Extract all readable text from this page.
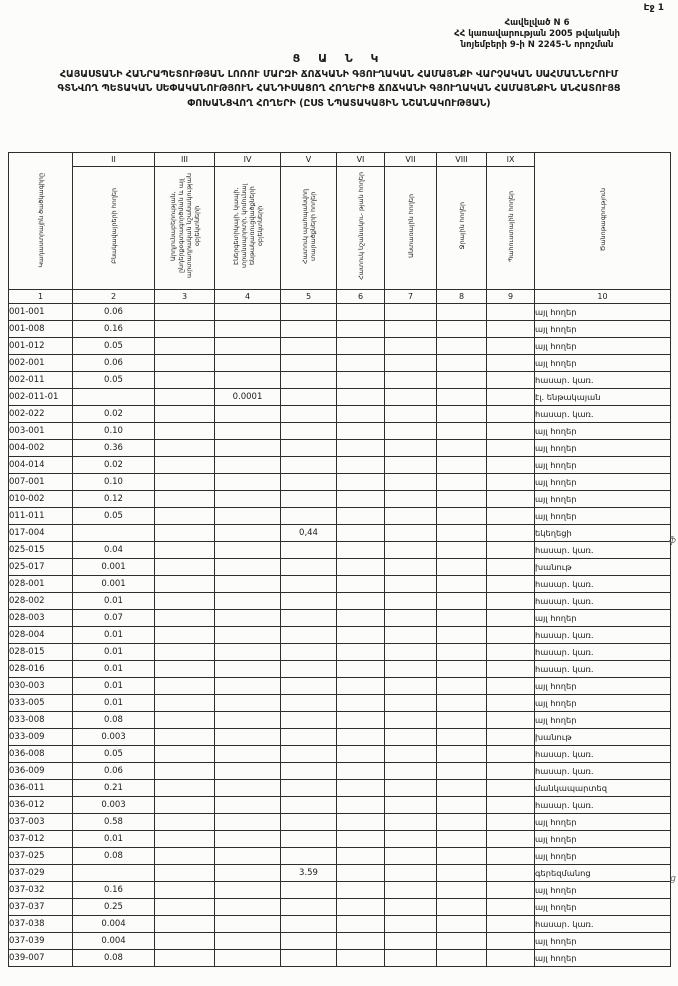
Էջ 1
Հավելված N 6
ՀՀ կառավարության 2005 թվականի
նոյեմբերի 9-ի N 2245-Ն որոշման
Ց Ա Ն Կ
ՀԱՅԱՍՏԱՆԻ ՀԱՆՐԱՊԵՏՈՒԹՅԱՆ ԼՈՌՈՒ ՄԱՐԶԻ ՃՈՃԿԱՆԻ ԳՅՈՒՂԱԿԱՆ ՀԱՄԱՅՆՔԻ ՎԱՐՉԱԿԱՆ ՍԱՀՄԱՆՆԵՐՈՒՄ ԳՏՆՎՈՂ ՊԵՏԱԿԱՆ ՍԵՓԱԿԱՆՈՒԹՅՈՒՆ ՀԱՆԴԻՍԱՑՈՂ ՀՈՂԵՐԻՑ ՃՈՃԿԱՆԻ ԳՅՈՒՂԱԿԱՆ ՀԱՄԱՅՆՔԻՆ ԱՆՀԱՏՈՒՅՑ ՓՈԽԱՆՑՎՈՂ ՀՈՂԵՐԻ (ԸՍՏ ՆՊԱՏԱԿԱՅԻՆ ՆՇԱՆԱԿՈՒԹՅԱՆ)
Կադաստրային ծածկագիրը	II	III	IV	V	VI	VII	VIII	IX	Ծանոթագրություն
	Բնակավայրերի հողեր	Արդյունաբերության, ընդերքօգտագործման և այլ արտադրական նշանակության օբյեկտների	Էներգետիկայի, կապի, տրանսպորտի, կոմունալ ենթակառուցվածքների օբյեկտների	Հատուկ պահպանվող տարածքների հողեր	Հատուկ նշանակու- թյան հողեր	Անտառային հողեր	Ջրային հողեր	Պահուստային հողեր	
1	2	3	4	5	6	7	8	9	10
001-001	0.06								այլ հողեր
001-008	0.16								այլ հողեր
001-012	0.05								այլ հողեր
002-001	0.06								այլ հողեր
002-011	0.05								հասար. կառ.
002-011-01			0.0001						էլ. ենթակայան
002-022	0.02								հասար. կառ.
003-001	0.10								այլ հողեր
004-002	0.36								այլ հողեր
004-014	0.02								այլ հողեր
007-001	0.10								այլ հողեր
010-002	0.12								այլ հողեր
011-011	0.05								այլ հողեր
017-004				0,44					եկեղեցի
025-015	0.04								հասար. կառ.
025-017	0.001								խանութ
028-001	0.001								հասար. կառ.
028-002	0.01								հասար. կառ.
028-003	0.07								այլ հողեր
028-004	0.01								հասար. կառ.
028-015	0.01								հասար. կառ.
028-016	0.01								հասար. կառ.
030-003	0.01								այլ հողեր
033-005	0.01								այլ հողեր
033-008	0.08								այլ հողեր
033-009	0.003								խանութ
036-008	0.05								հասար. կառ.
036-009	0.06								հասար. կառ.
036-011	0.21								մանկապարտեզ
036-012	0.003								հասար. կառ.
037-003	0.58								այլ հողեր
037-012	0.01								այլ հողեր
037-025	0.08								այլ հողեր
037-029				3.59					գերեզմանոց
037-032	0.16								այլ հողեր
037-037	0.25								այլ հողեր
037-038	0.004								հասար. կառ.
037-039	0.004								այլ հողեր
039-007	0.08								այլ հողեր
ֆ
ց
